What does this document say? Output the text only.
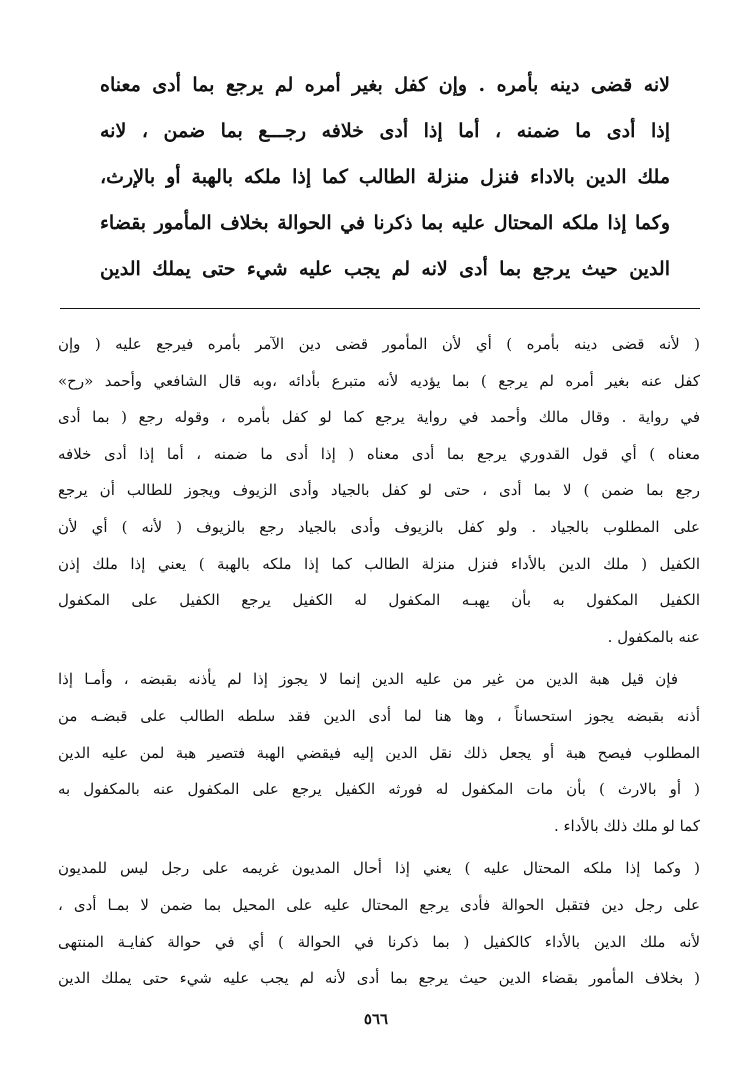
لانه قضى دينه بأمره . وإن كفل بغير أمره لم يرجع بما أدى معناه
إذا أدى ما ضمنه ، أما إذا أدى خلافه رجـــع بما ضمن ، لانه
ملك الدين بالاداء فنزل منزلة الطالب كما إذا ملكه بالهبة أو بالإرث،
وكما إذا ملكه المحتال عليه بما ذكرنا في الحوالة بخلاف المأمور بقضاء
الدين حيث يرجع بما أدى لانه لم يجب عليه شيء حتى يملك الدين
( لأنه قضى دينه بأمره ) أي لأن المأمور قضى دين الآمر بأمره فيرجع عليه ( وإن
كفل عنه بغير أمره لم يرجع ) بما يؤديه لأنه متبرع بأدائه ،وبه قال الشافعي وأحمد «رح»
في رواية . وقال مالك وأحمد في رواية يرجع كما لو كفل بأمره ، وقوله رجع ( بما أدى
معناه ) أي قول القدوري يرجع بما أدى معناه ( إذا أدى ما ضمنه ، أما إذا أدى خلافه
رجع بما ضمن ) لا بما أدى ، حتى لو كفل بالجياد وأدى الزيوف ويجوز للطالب أن يرجع
على المطلوب بالجياد . ولو كفل بالزيوف وأدى بالجياد رجع بالزيوف ( لأنه ) أي لأن
الكفيل ( ملك الدين بالأداء فنزل منزلة الطالب كما إذا ملكه بالهبة ) يعني إذا ملك إذن
الكفيل المكفول به بأن يهبـه المكفول له الكفيل يرجع الكفيل على المكفول
عنه بالمكفول .
فإن قيل هبة الدين من غير من عليه الدين إنما لا يجوز إذا لم يأذنه بقبضه ، وأمـا إذا
أذنه بقبضه يجوز استحساناً ، وها هنا لما أدى الدين فقد سلطه الطالب على قبضـه من
المطلوب فيصح هبة أو يجعل ذلك نقل الدين إليه فيقضي الهبة فتصير هبة لمن عليه الدين
( أو بالارث ) بأن مات المكفول له فورثه الكفيل يرجع على المكفول عنه بالمكفول به
كما لو ملك ذلك بالأداء .
( وكما إذا ملكه المحتال عليه ) يعني إذا أحال المديون غريمه على رجل ليس للمديون
على رجل دين فتقبل الحوالة فأدى يرجع المحتال عليه على المحيل بما ضمن لا بمـا أدى ،
لأنه ملك الدين بالأداء كالكفيل ( بما ذكرنا في الحوالة ) أي في حوالة كفايـة المنتهى
( بخلاف المأمور بقضاء الدين حيث يرجع بما أدى لأنه لم يجب عليه شيء حتى يملك الدين
٥٦٦
